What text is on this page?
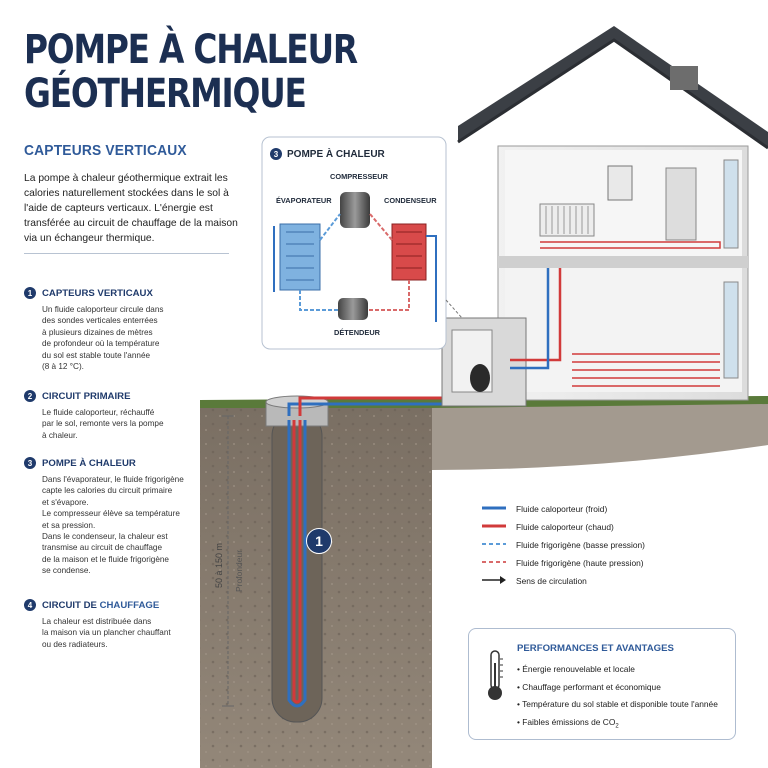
POMPE À CHALEUR
GÉOTHERMIQUE
CAPTEURS VERTICAUX

La pompe à chaleur géothermique extrait les calories naturellement stockées dans le sol à l'aide de capteurs verticaux. L'énergie est transférée au circuit de chauffage de la maison via un échangeur thermique.

1	CAPTEURS VERTICAUX
Un fluide caloporteur circule dans
des sondes verticales enterrées
à plusieurs dizaines de mètres
de profondeur où la température
du sol est stable toute l'année
(8 à 12 °C).
2	CIRCUIT PRIMAIRE
Le fluide caloporteur, réchauffé
par le sol, remonte vers la pompe
à chaleur.
3	POMPE À CHALEUR
Dans l'évaporateur, le fluide frigorigène
capte les calories du circuit primaire
et s'évapore.
Le compresseur élève sa température
et sa pression.
Dans le condenseur, la chaleur est
transmise au circuit de chauffage
de la maison et le fluide frigorigène
se condense.
4	CIRCUIT DE CHAUFFAGE
La chaleur est distribuée dans
la maison via un plancher chauffant
ou des radiateurs.
3 POMPE À CHALEUR
COMPRESSEUR
ÉVAPORATEUR	CONDENSEUR
DÉTENDEUR
50 à 150 m Profondeur
1
Fluide caloporteur (froid)
Fluide caloporteur (chaud)
Fluide frigorigène (basse pression)
Fluide frigorigène (haute pression)
Sens de circulation
PERFORMANCES ET AVANTAGES
• Énergie renouvelable et locale
• Chauffage performant et économique
• Température du sol stable et disponible toute l'année
• Faibles émissions de $CO_2$
